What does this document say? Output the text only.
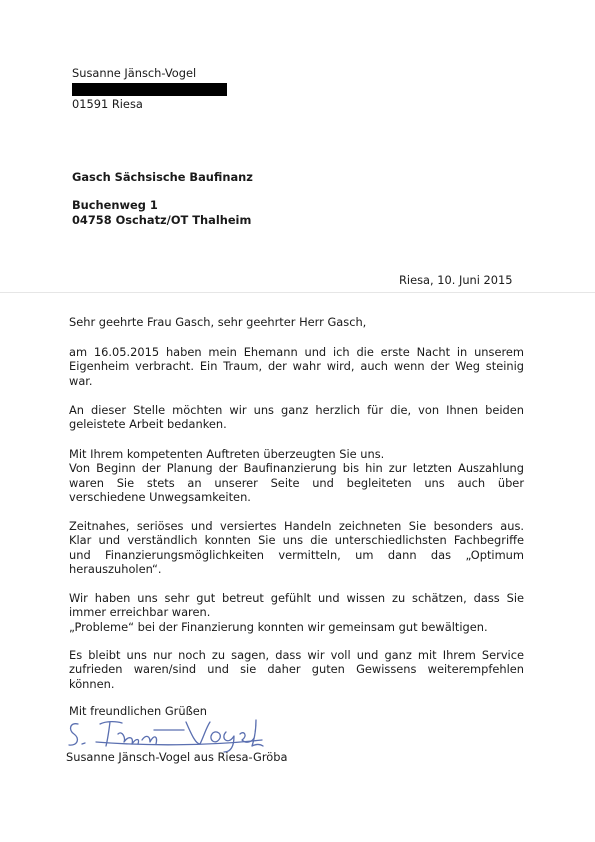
Susanne Jänsch-Vogel
01591 Riesa
Gasch Sächsische Baufinanz
Buchenweg 1
04758 Oschatz/OT Thalheim
Riesa, 10. Juni 2015
Sehr geehrte Frau Gasch, sehr geehrter Herr Gasch,
am 16.05.2015 haben mein Ehemann und ich die erste Nacht in unserem
Eigenheim verbracht. Ein Traum, der wahr wird, auch wenn der Weg steinig
war.
An dieser Stelle möchten wir uns ganz herzlich für die, von Ihnen beiden
geleistete Arbeit bedanken.
Mit Ihrem kompetenten Auftreten überzeugten Sie uns.
Von Beginn der Planung der Baufinanzierung bis hin zur letzten Auszahlung
waren Sie stets an unserer Seite und begleiteten uns auch über
verschiedene Unwegsamkeiten.
Zeitnahes, seriöses und versiertes Handeln zeichneten Sie besonders aus.
Klar und verständlich konnten Sie uns die unterschiedlichsten Fachbegriffe
und Finanzierungsmöglichkeiten vermitteln, um dann das „Optimum
herauszuholen“.
Wir haben uns sehr gut betreut gefühlt und wissen zu schätzen, dass Sie
immer erreichbar waren.
„Probleme“ bei der Finanzierung konnten wir gemeinsam gut bewältigen.
Es bleibt uns nur noch zu sagen, dass wir voll und ganz mit Ihrem Service
zufrieden waren/sind und sie daher guten Gewissens weiterempfehlen
können.
Mit freundlichen Grüßen
Susanne Jänsch-Vogel aus Riesa-Gröba
